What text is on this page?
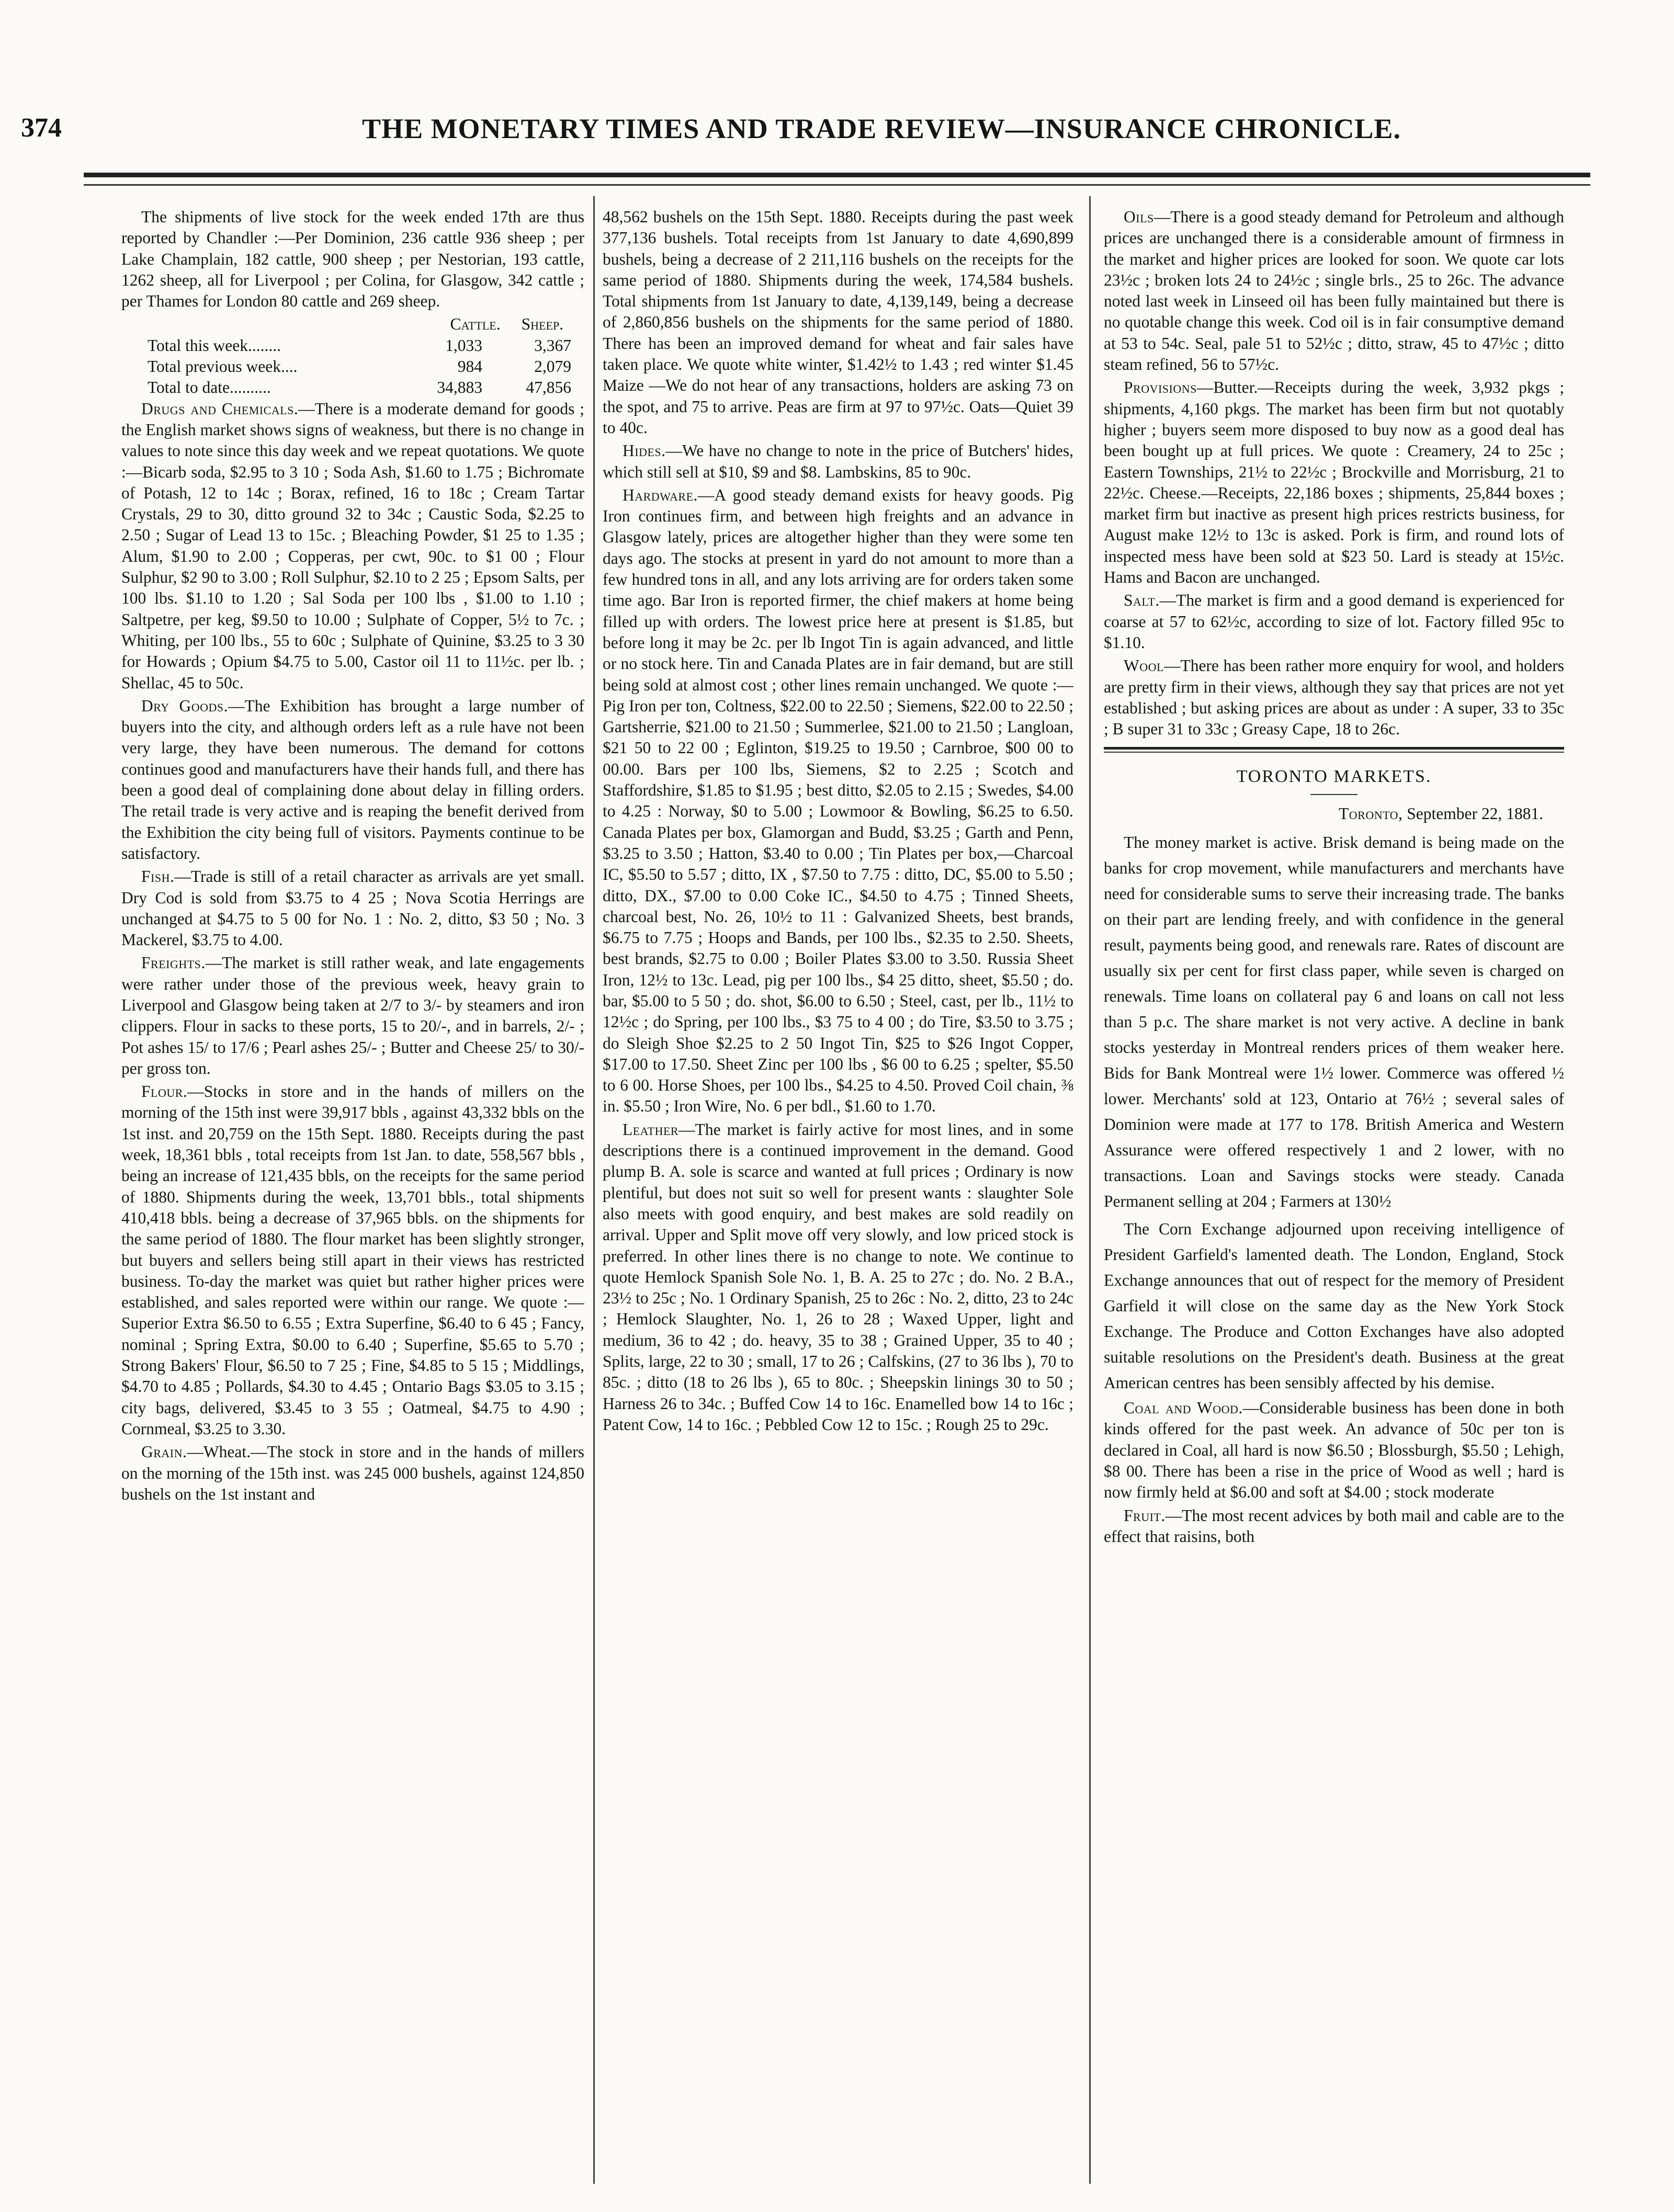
374	THE MONETARY TIMES AND TRADE REVIEW—INSURANCE CHRONICLE.

The shipments of live stock for the week ended 17th are thus reported by Chandler :—Per Dominion, 236 cattle 936 sheep ; per Lake Champlain, 182 cattle, 900 sheep ; per Nestorian, 193 cattle, 1262 sheep, all for Liverpool ; per Colina, for Glasgow, 342 cattle ; per Thames for London 80 cattle and 269 sheep.

Cattle. Sheep.
Total this week........	1,033	3,367
Total previous week....	984	2,079
Total to date..........	34,883	47,856

Drugs and Chemicals.—There is a moderate demand for goods ; the English market shows signs of weakness, but there is no change in values to note since this day week and we repeat quotations. We quote :—Bicarb soda, $2.95 to 3 10 ; Soda Ash, $1.60 to 1.75 ; Bichromate of Potash, 12 to 14c ; Borax, refined, 16 to 18c ; Cream Tartar Crystals, 29 to 30, ditto ground 32 to 34c ; Caustic Soda, $2.25 to 2.50 ; Sugar of Lead 13 to 15c. ; Bleaching Powder, $1 25 to 1.35 ; Alum, $1.90 to 2.00 ; Copperas, per cwt, 90c. to $1 00 ; Flour Sulphur, $2 90 to 3.00 ; Roll Sulphur, $2.10 to 2 25 ; Epsom Salts, per 100 lbs. $1.10 to 1.20 ; Sal Soda per 100 lbs , $1.00 to 1.10 ; Saltpetre, per keg, $9.50 to 10.00 ; Sulphate of Copper, 5½ to 7c. ; Whiting, per 100 lbs., 55 to 60c ; Sulphate of Quinine, $3.25 to 3 30 for Howards ; Opium $4.75 to 5.00, Castor oil 11 to 11½c. per lb. ; Shellac, 45 to 50c.

Dry Goods.—The Exhibition has brought a large number of buyers into the city, and although orders left as a rule have not been very large, they have been numerous. The demand for cottons continues good and manufacturers have their hands full, and there has been a good deal of complaining done about delay in filling orders. The retail trade is very active and is reaping the benefit derived from the Exhibition the city being full of visitors. Payments continue to be satisfactory.

Fish.—Trade is still of a retail character as arrivals are yet small. Dry Cod is sold from $3.75 to 4 25 ; Nova Scotia Herrings are unchanged at $4.75 to 5 00 for No. 1 : No. 2, ditto, $3 50 ; No. 3 Mackerel, $3.75 to 4.00.

Freights.—The market is still rather weak, and late engagements were rather under those of the previous week, heavy grain to Liverpool and Glasgow being taken at 2/7 to 3/- by steamers and iron clippers. Flour in sacks to these ports, 15 to 20/-, and in barrels, 2/- ; Pot ashes 15/ to 17/6 ; Pearl ashes 25/- ; Butter and Cheese 25/ to 30/- per gross ton.

Flour.—Stocks in store and in the hands of millers on the morning of the 15th inst were 39,917 bbls , against 43,332 bbls on the 1st inst. and 20,759 on the 15th Sept. 1880. Receipts during the past week, 18,361 bbls , total receipts from 1st Jan. to date, 558,567 bbls , being an increase of 121,435 bbls, on the receipts for the same period of 1880. Shipments during the week, 13,701 bbls., total shipments 410,418 bbls. being a decrease of 37,965 bbls. on the shipments for the same period of 1880. The flour market has been slightly stronger, but buyers and sellers being still apart in their views has restricted business. To-day the market was quiet but rather higher prices were established, and sales reported were within our range. We quote :—Superior Extra $6.50 to 6.55 ; Extra Superfine, $6.40 to 6 45 ; Fancy, nominal ; Spring Extra, $0.00 to 6.40 ; Superfine, $5.65 to 5.70 ; Strong Bakers' Flour, $6.50 to 7 25 ; Fine, $4.85 to 5 15 ; Middlings, $4.70 to 4.85 ; Pollards, $4.30 to 4.45 ; Ontario Bags $3.05 to 3.15 ; city bags, delivered, $3.45 to 3 55 ; Oatmeal, $4.75 to 4.90 ; Cornmeal, $3.25 to 3.30.

Grain.—Wheat.—The stock in store and in the hands of millers on the morning of the 15th inst. was 245 000 bushels, against 124,850 bushels on the 1st instant and

48,562 bushels on the 15th Sept. 1880. Receipts during the past week 377,136 bushels. Total receipts from 1st January to date 4,690,899 bushels, being a decrease of 2 211,116 bushels on the receipts for the same period of 1880. Shipments during the week, 174,584 bushels. Total shipments from 1st January to date, 4,139,149, being a decrease of 2,860,856 bushels on the shipments for the same period of 1880. There has been an improved demand for wheat and fair sales have taken place. We quote white winter, $1.42½ to 1.43 ; red winter $1.45 Maize —We do not hear of any transactions, holders are asking 73 on the spot, and 75 to arrive. Peas are firm at 97 to 97½c. Oats—Quiet 39 to 40c.

Hides.—We have no change to note in the price of Butchers' hides, which still sell at $10, $9 and $8. Lambskins, 85 to 90c.

Hardware.—A good steady demand exists for heavy goods. Pig Iron continues firm, and between high freights and an advance in Glasgow lately, prices are altogether higher than they were some ten days ago. The stocks at present in yard do not amount to more than a few hundred tons in all, and any lots arriving are for orders taken some time ago. Bar Iron is reported firmer, the chief makers at home being filled up with orders. The lowest price here at present is $1.85, but before long it may be 2c. per lb Ingot Tin is again advanced, and little or no stock here. Tin and Canada Plates are in fair demand, but are still being sold at almost cost ; other lines remain unchanged. We quote :—Pig Iron per ton, Coltness, $22.00 to 22.50 ; Siemens, $22.00 to 22.50 ; Gartsherrie, $21.00 to 21.50 ; Summerlee, $21.00 to 21.50 ; Langloan, $21 50 to 22 00 ; Eglinton, $19.25 to 19.50 ; Carnbroe, $00 00 to 00.00. Bars per 100 lbs, Siemens, $2 to 2.25 ; Scotch and Staffordshire, $1.85 to $1.95 ; best ditto, $2.05 to 2.15 ; Swedes, $4.00 to 4.25 : Norway, $0 to 5.00 ; Lowmoor & Bowling, $6.25 to 6.50. Canada Plates per box, Glamorgan and Budd, $3.25 ; Garth and Penn, $3.25 to 3.50 ; Hatton, $3.40 to 0.00 ; Tin Plates per box,—Charcoal IC, $5.50 to 5.57 ; ditto, IX , $7.50 to 7.75 : ditto, DC, $5.00 to 5.50 ; ditto, DX., $7.00 to 0.00 Coke IC., $4.50 to 4.75 ; Tinned Sheets, charcoal best, No. 26, 10½ to 11 : Galvanized Sheets, best brands, $6.75 to 7.75 ; Hoops and Bands, per 100 lbs., $2.35 to 2.50. Sheets, best brands, $2.75 to 0.00 ; Boiler Plates $3.00 to 3.50. Russia Sheet Iron, 12½ to 13c. Lead, pig per 100 lbs., $4 25 ditto, sheet, $5.50 ; do. bar, $5.00 to 5 50 ; do. shot, $6.00 to 6.50 ; Steel, cast, per lb., 11½ to 12½c ; do Spring, per 100 lbs., $3 75 to 4 00 ; do Tire, $3.50 to 3.75 ; do Sleigh Shoe $2.25 to 2 50 Ingot Tin, $25 to $26 Ingot Copper, $17.00 to 17.50. Sheet Zinc per 100 lbs , $6 00 to 6.25 ; spelter, $5.50 to 6 00. Horse Shoes, per 100 lbs., $4.25 to 4.50. Proved Coil chain, ⅜ in. $5.50 ; Iron Wire, No. 6 per bdl., $1.60 to 1.70.

Leather—The market is fairly active for most lines, and in some descriptions there is a continued improvement in the demand. Good plump B. A. sole is scarce and wanted at full prices ; Ordinary is now plentiful, but does not suit so well for present wants : slaughter Sole also meets with good enquiry, and best makes are sold readily on arrival. Upper and Split move off very slowly, and low priced stock is preferred. In other lines there is no change to note. We continue to quote Hemlock Spanish Sole No. 1, B. A. 25 to 27c ; do. No. 2 B.A., 23½ to 25c ; No. 1 Ordinary Spanish, 25 to 26c : No. 2, ditto, 23 to 24c ; Hemlock Slaughter, No. 1, 26 to 28 ; Waxed Upper, light and medium, 36 to 42 ; do. heavy, 35 to 38 ; Grained Upper, 35 to 40 ; Splits, large, 22 to 30 ; small, 17 to 26 ; Calfskins, (27 to 36 lbs ), 70 to 85c. ; ditto (18 to 26 lbs ), 65 to 80c. ; Sheepskin linings 30 to 50 ; Harness 26 to 34c. ; Buffed Cow 14 to 16c. Enamelled bow 14 to 16c ; Patent Cow, 14 to 16c. ; Pebbled Cow 12 to 15c. ; Rough 25 to 29c.

Oils—There is a good steady demand for Petroleum and although prices are unchanged there is a considerable amount of firmness in the market and higher prices are looked for soon. We quote car lots 23½c ; broken lots 24 to 24½c ; single brls., 25 to 26c. The advance noted last week in Linseed oil has been fully maintained but there is no quotable change this week. Cod oil is in fair consumptive demand at 53 to 54c. Seal, pale 51 to 52½c ; ditto, straw, 45 to 47½c ; ditto steam refined, 56 to 57½c.

Provisions—Butter.—Receipts during the week, 3,932 pkgs ; shipments, 4,160 pkgs. The market has been firm but not quotably higher ; buyers seem more disposed to buy now as a good deal has been bought up at full prices. We quote : Creamery, 24 to 25c ; Eastern Townships, 21½ to 22½c ; Brockville and Morrisburg, 21 to 22½c. Cheese.—Receipts, 22,186 boxes ; shipments, 25,844 boxes ; market firm but inactive as present high prices restricts business, for August make 12½ to 13c is asked. Pork is firm, and round lots of inspected mess have been sold at $23 50. Lard is steady at 15½c. Hams and Bacon are unchanged.

Salt.—The market is firm and a good demand is experienced for coarse at 57 to 62½c, according to size of lot. Factory filled 95c to $1.10.

Wool—There has been rather more enquiry for wool, and holders are pretty firm in their views, although they say that prices are not yet established ; but asking prices are about as under : A super, 33 to 35c ; B super 31 to 33c ; Greasy Cape, 18 to 26c.

TORONTO MARKETS.
Toronto, September 22, 1881.

The money market is active. Brisk demand is being made on the banks for crop movement, while manufacturers and merchants have need for considerable sums to serve their increasing trade. The banks on their part are lending freely, and with confidence in the general result, payments being good, and renewals rare. Rates of discount are usually six per cent for first class paper, while seven is charged on renewals. Time loans on collateral pay 6 and loans on call not less than 5 p.c. The share market is not very active. A decline in bank stocks yesterday in Montreal renders prices of them weaker here. Bids for Bank Montreal were 1½ lower. Commerce was offered ½ lower. Merchants' sold at 123, Ontario at 76½ ; several sales of Dominion were made at 177 to 178. British America and Western Assurance were offered respectively 1 and 2 lower, with no transactions. Loan and Savings stocks were steady. Canada Permanent selling at 204 ; Farmers at 130½

The Corn Exchange adjourned upon receiving intelligence of President Garfield's lamented death. The London, England, Stock Exchange announces that out of respect for the memory of President Garfield it will close on the same day as the New York Stock Exchange. The Produce and Cotton Exchanges have also adopted suitable resolutions on the President's death. Business at the great American centres has been sensibly affected by his demise.

Coal and Wood.—Considerable business has been done in both kinds offered for the past week. An advance of 50c per ton is declared in Coal, all hard is now $6.50 ; Blossburgh, $5.50 ; Lehigh, $8 00. There has been a rise in the price of Wood as well ; hard is now firmly held at $6.00 and soft at $4.00 ; stock moderate

Fruit.—The most recent advices by both mail and cable are to the effect that raisins, both
